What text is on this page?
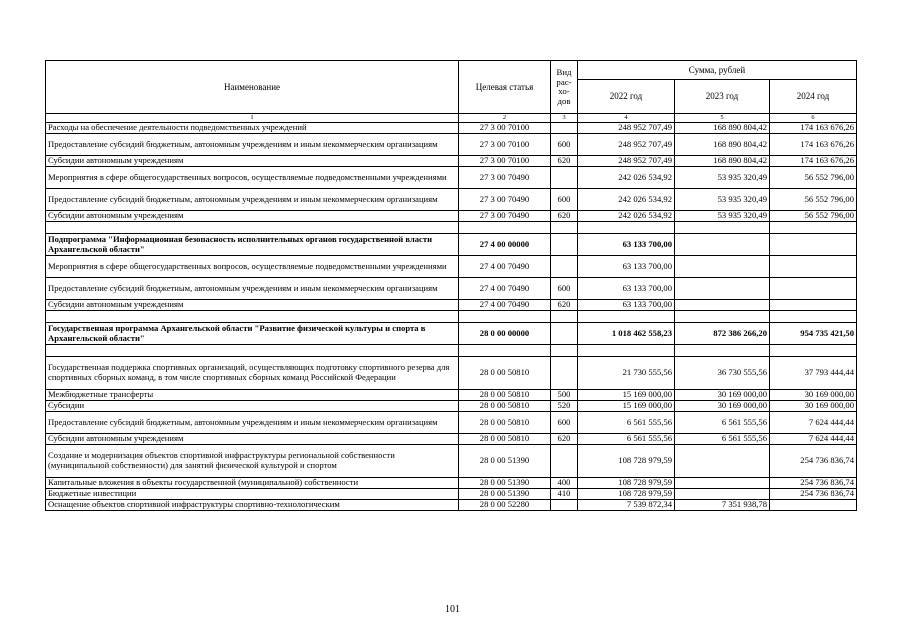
Наименование	Целевая статья	Вид рас-хо-дов	Сумма, рублей		
			2022 год	2023 год	2024 год
1	2	3	4	5	6
Расходы на обеспечение деятельности подведомственных учреждений	27 3 00 70100		248 952 707,49	168 890 804,42	174 163 676,26
Предоставление субсидий бюджетным, автономным учреждениям и иным некоммерческим организациям	27 3 00 70100	600	248 952 707,49	168 890 804,42	174 163 676,26
Субсидии автономным учреждениям	27 3 00 70100	620	248 952 707,49	168 890 804,42	174 163 676,26
Мероприятия в сфере общегосударственных вопросов, осуществляемые подведомственными учреждениями	27 3 00 70490		242 026 534,92	53 935 320,49	56 552 796,00
Предоставление субсидий бюджетным, автономным учреждениям и иным некоммерческим организациям	27 3 00 70490	600	242 026 534,92	53 935 320,49	56 552 796,00
Субсидии автономным учреждениям	27 3 00 70490	620	242 026 534,92	53 935 320,49	56 552 796,00

Подпрограмма "Информационная безопасность исполнительных органов государственной власти Архангельской области"	27 4 00 00000		63 133 700,00		
Мероприятия в сфере общегосударственных вопросов, осуществляемые подведомственными учреждениями	27 4 00 70490		63 133 700,00		
Предоставление субсидий бюджетным, автономным учреждениям и иным некоммерческим организациям	27 4 00 70490	600	63 133 700,00		
Субсидии автономным учреждениям	27 4 00 70490	620	63 133 700,00		

Государственная программа Архангельской области "Развитие физической культуры и спорта в Архангельской области"	28 0 00 00000		1 018 462 558,23	872 386 266,20	954 735 421,50

Государственная поддержка спортивных организаций, осуществляющих подготовку спортивного резерва для спортивных сборных команд, в том числе спортивных сборных команд Российской Федерации	28 0 00 50810		21 730 555,56	36 730 555,56	37 793 444,44
Межбюджетные трансферты	28 0 00 50810	500	15 169 000,00	30 169 000,00	30 169 000,00
Субсидии	28 0 00 50810	520	15 169 000,00	30 169 000,00	30 169 000,00
Предоставление субсидий бюджетным, автономным учреждениям и иным некоммерческим организациям	28 0 00 50810	600	6 561 555,56	6 561 555,56	7 624 444,44
Субсидии автономным учреждениям	28 0 00 50810	620	6 561 555,56	6 561 555,56	7 624 444,44
Создание и модернизация объектов спортивной инфраструктуры региональной собственности (муниципальной собственности) для занятий физической культурой и спортом	28 0 00 51390		108 728 979,59		254 736 836,74
Капитальные вложения в объекты государственной (муниципальной) собственности	28 0 00 51390	400	108 728 979,59		254 736 836,74
Бюджетные инвестиции	28 0 00 51390	410	108 728 979,59		254 736 836,74
Оснащение объектов спортивной инфраструктуры спортивно-технологическим	28 0 00 52280		7 539 872,34	7 351 938,78	
101
